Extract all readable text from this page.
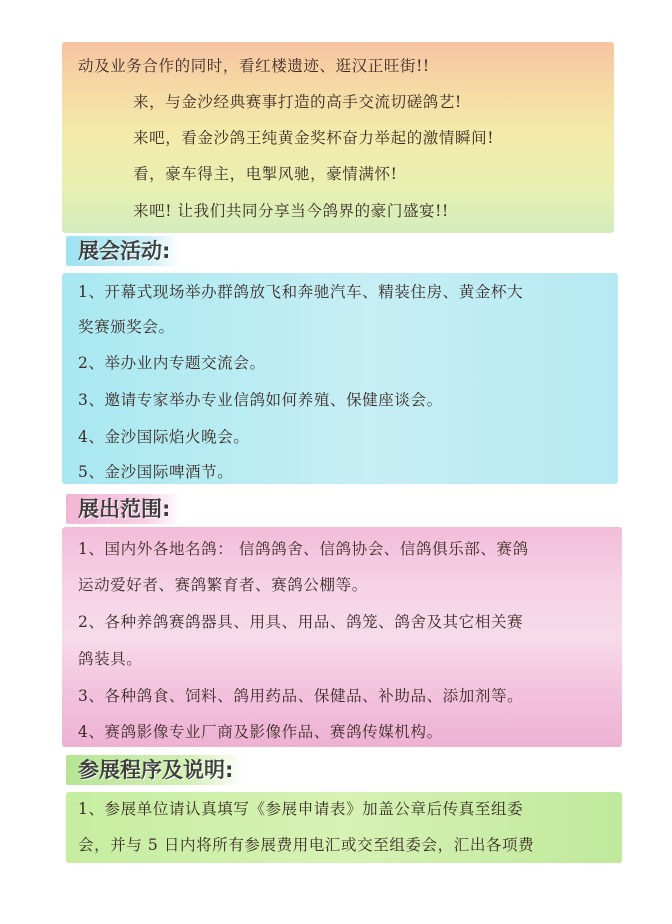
动及业务合作的同时，看红楼遗迹、逛汉正旺街!!
来，与金沙经典赛事打造的高手交流切磋鸽艺!
来吧，看金沙鸽王纯黄金奖杯奋力举起的激情瞬间!
看，豪车得主，电掣风驰，豪情满怀!
来吧! 让我们共同分享当今鸽界的豪门盛宴!!
展会活动:
1、开幕式现场举办群鸽放飞和奔驰汽车、精装住房、黄金杯大
奖赛颁奖会。
2、举办业内专题交流会。
3、邀请专家举办专业信鸽如何养殖、保健座谈会。
4、金沙国际焰火晚会。
5、金沙国际啤酒节。
展出范围:
1、国内外各地名鸽： 信鸽鸽舍、信鸽协会、信鸽俱乐部、赛鸽
运动爱好者、赛鸽繁育者、赛鸽公棚等。
2、各种养鸽赛鸽器具、用具、用品、鸽笼、鸽舍及其它相关赛
鸽装具。
3、各种鸽食、饲料、鸽用药品、保健品、补助品、添加剂等。
4、赛鸽影像专业厂商及影像作品、赛鸽传媒机构。
参展程序及说明:
1、参展单位请认真填写《参展申请表》加盖公章后传真至组委
会，并与 5 日内将所有参展费用电汇或交至组委会，汇出各项费
